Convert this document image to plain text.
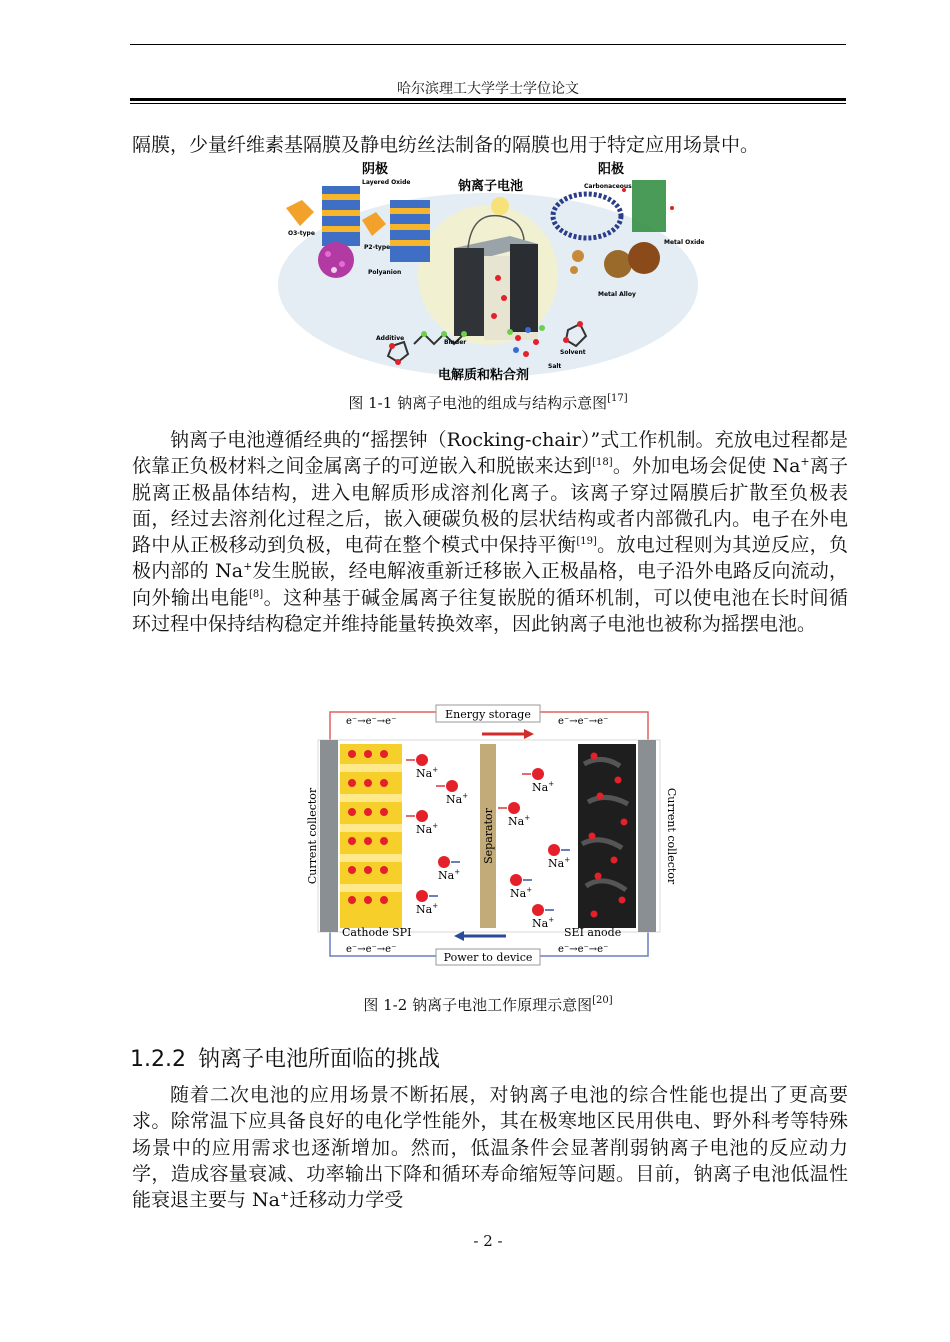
哈尔滨理工大学学士学位论文

隔膜，少量纤维素基隔膜及静电纺丝法制备的隔膜也用于特定应用场景中。

阴极	阳极
钠离子电池
电解质和粘合剂
Layered Oxide
O3-type
P2-type
Polyanion
Carbonaceous
Metal Oxide
Metal Alloy
Additive
Binder
Salt
Solvent
图 1-1 钠离子电池的组成与结构示意图[17]

钠离子电池遵循经典的“摇摆钟（Rocking-chair）”式工作机制。充放电过程都是依靠正负极材料之间金属离子的可逆嵌入和脱嵌来达到[18]。外加电场会促使 Na+离子脱离正极晶体结构，进入电解质形成溶剂化离子。该离子穿过隔膜后扩散至负极表面，经过去溶剂化过程之后，嵌入硬碳负极的层状结构或者内部微孔内。电子在外电路中从正极移动到负极，电荷在整个模式中保持平衡[19]。放电过程则为其逆反应，负极内部的 Na+发生脱嵌，经电解液重新迁移嵌入正极晶格，电子沿外电路反向流动，向外输出电能[8]。这种基于碱金属离子往复嵌脱的循环机制，可以使电池在长时间循环过程中保持结构稳定并维持能量转换效率，因此钠离子电池也被称为摇摆电池。

Energy storage
Power to device
e⁻→e⁻→e⁻	e⁻→e⁻→e⁻
e⁻→e⁻→e⁻	e⁻→e⁻→e⁻
Current collector	Current collector
Cathode SPI
Separator
SEI anode
Na+
Na+
Na+
Na+
Na+
Na+
Na+
Na+
Na+
Na+
图 1-2 钠离子电池工作原理示意图[20]
1.2.2 钠离子电池所面临的挑战

随着二次电池的应用场景不断拓展，对钠离子电池的综合性能也提出了更高要求。除常温下应具备良好的电化学性能外，其在极寒地区民用供电、野外科考等特殊场景中的应用需求也逐渐增加。然而，低温条件会显著削弱钠离子电池的反应动力学，造成容量衰减、功率输出下降和循环寿命缩短等问题。目前，钠离子电池低温性能衰退主要与 Na+迁移动力学受

- 2 -
